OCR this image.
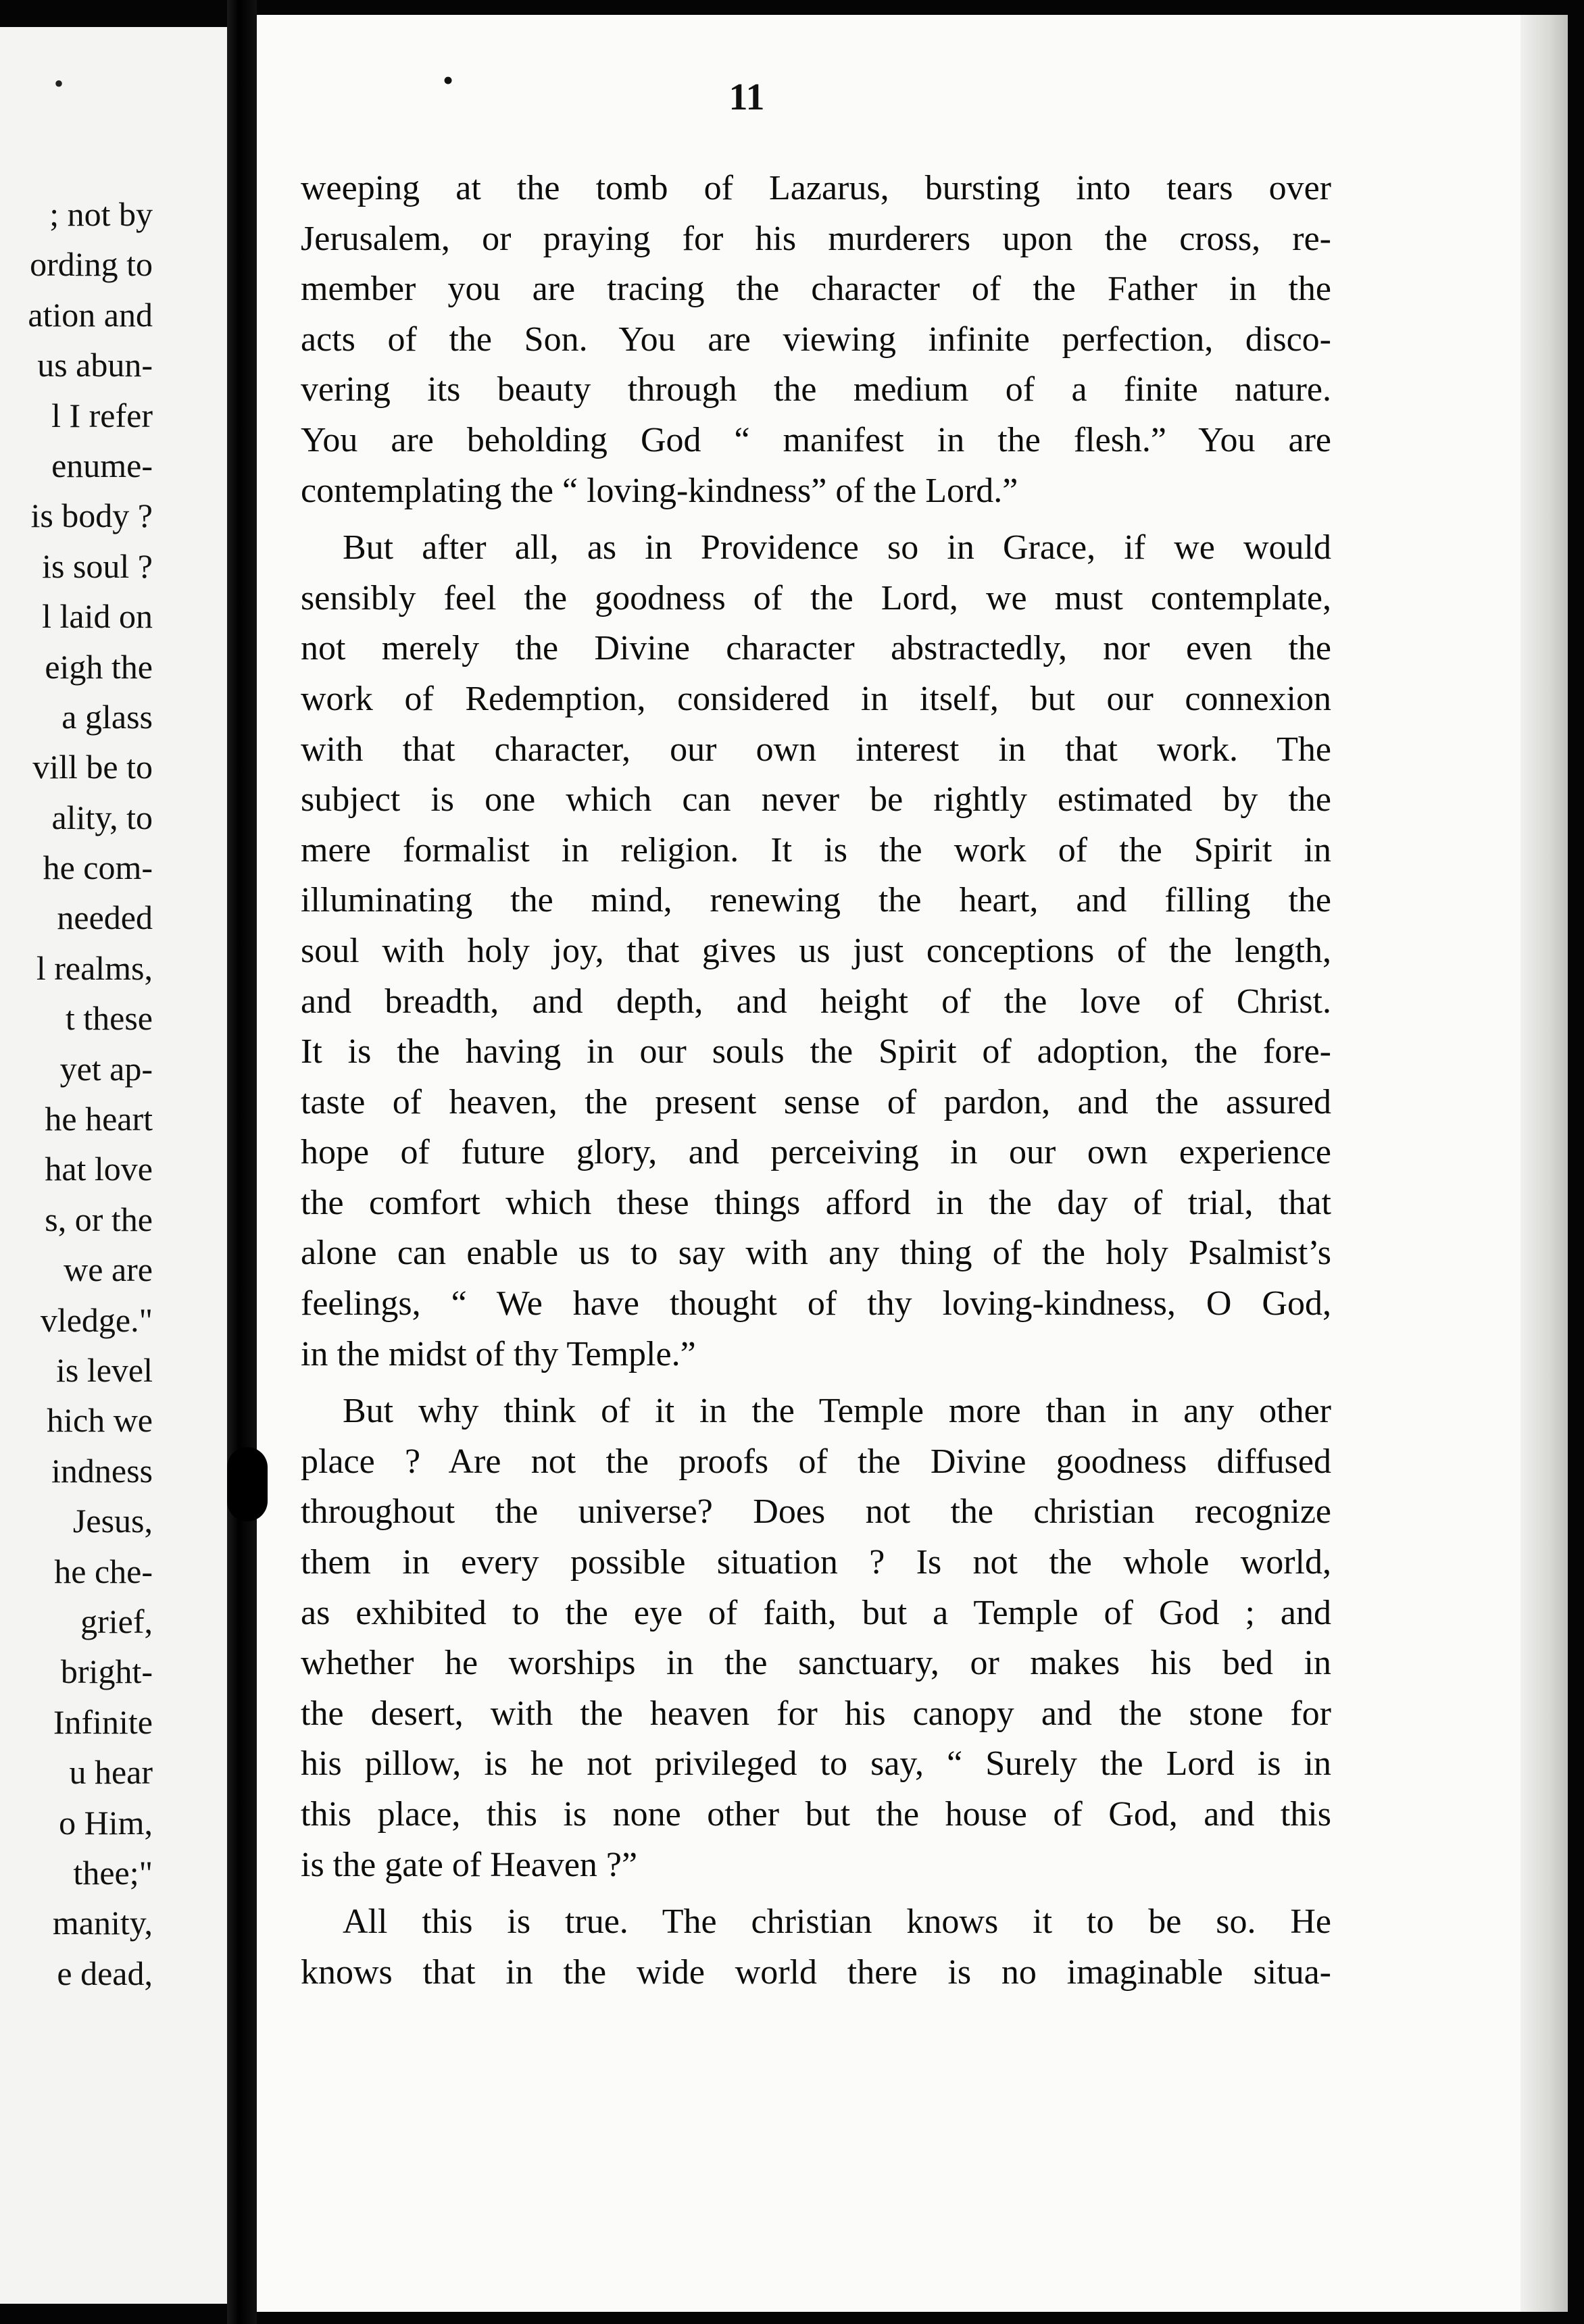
•
; not by
ording to
ation and
us abun-
l I refer
enume-
is body ?
is soul ?
l laid on
eigh the
a glass
vill be to
ality, to
he com-
needed
l realms,
t these
yet ap-
he heart
hat love
s, or the
we are
vledge."
is level
hich we
indness
Jesus,
he che-
grief,
bright-
Infinite
u hear
o Him,
thee;"
manity,
e dead,
•	11
weeping at the tomb of Lazarus, bursting into tears over
Jerusalem, or praying for his murderers upon the cross, re-
member you are tracing the character of the Father in the
acts of the Son. You are viewing infinite perfection, disco-
vering its beauty through the medium of a finite nature.
You are beholding God “ manifest in the flesh.” You are
contemplating the “ loving-kindness” of the Lord.”
But after all, as in Providence so in Grace, if we would
sensibly feel the goodness of the Lord, we must contemplate,
not merely the Divine character abstractedly, nor even the
work of Redemption, considered in itself, but our connexion
with that character, our own interest in that work. The
subject is one which can never be rightly estimated by the
mere formalist in religion. It is the work of the Spirit in
illuminating the mind, renewing the heart, and filling the
soul with holy joy, that gives us just conceptions of the length,
and breadth, and depth, and height of the love of Christ.
It is the having in our souls the Spirit of adoption, the fore-
taste of heaven, the present sense of pardon, and the assured
hope of future glory, and perceiving in our own experience
the comfort which these things afford in the day of trial, that
alone can enable us to say with any thing of the holy Psalmist’s
feelings, “ We have thought of thy loving-kindness, O God,
in the midst of thy Temple.”
But why think of it in the Temple more than in any other
place ? Are not the proofs of the Divine goodness diffused
throughout the universe? Does not the christian recognize
them in every possible situation ? Is not the whole world,
as exhibited to the eye of faith, but a Temple of God ; and
whether he worships in the sanctuary, or makes his bed in
the desert, with the heaven for his canopy and the stone for
his pillow, is he not privileged to say, “ Surely the Lord is in
this place, this is none other but the house of God, and this
is the gate of Heaven ?”
All this is true. The christian knows it to be so. He
knows that in the wide world there is no imaginable situa-
